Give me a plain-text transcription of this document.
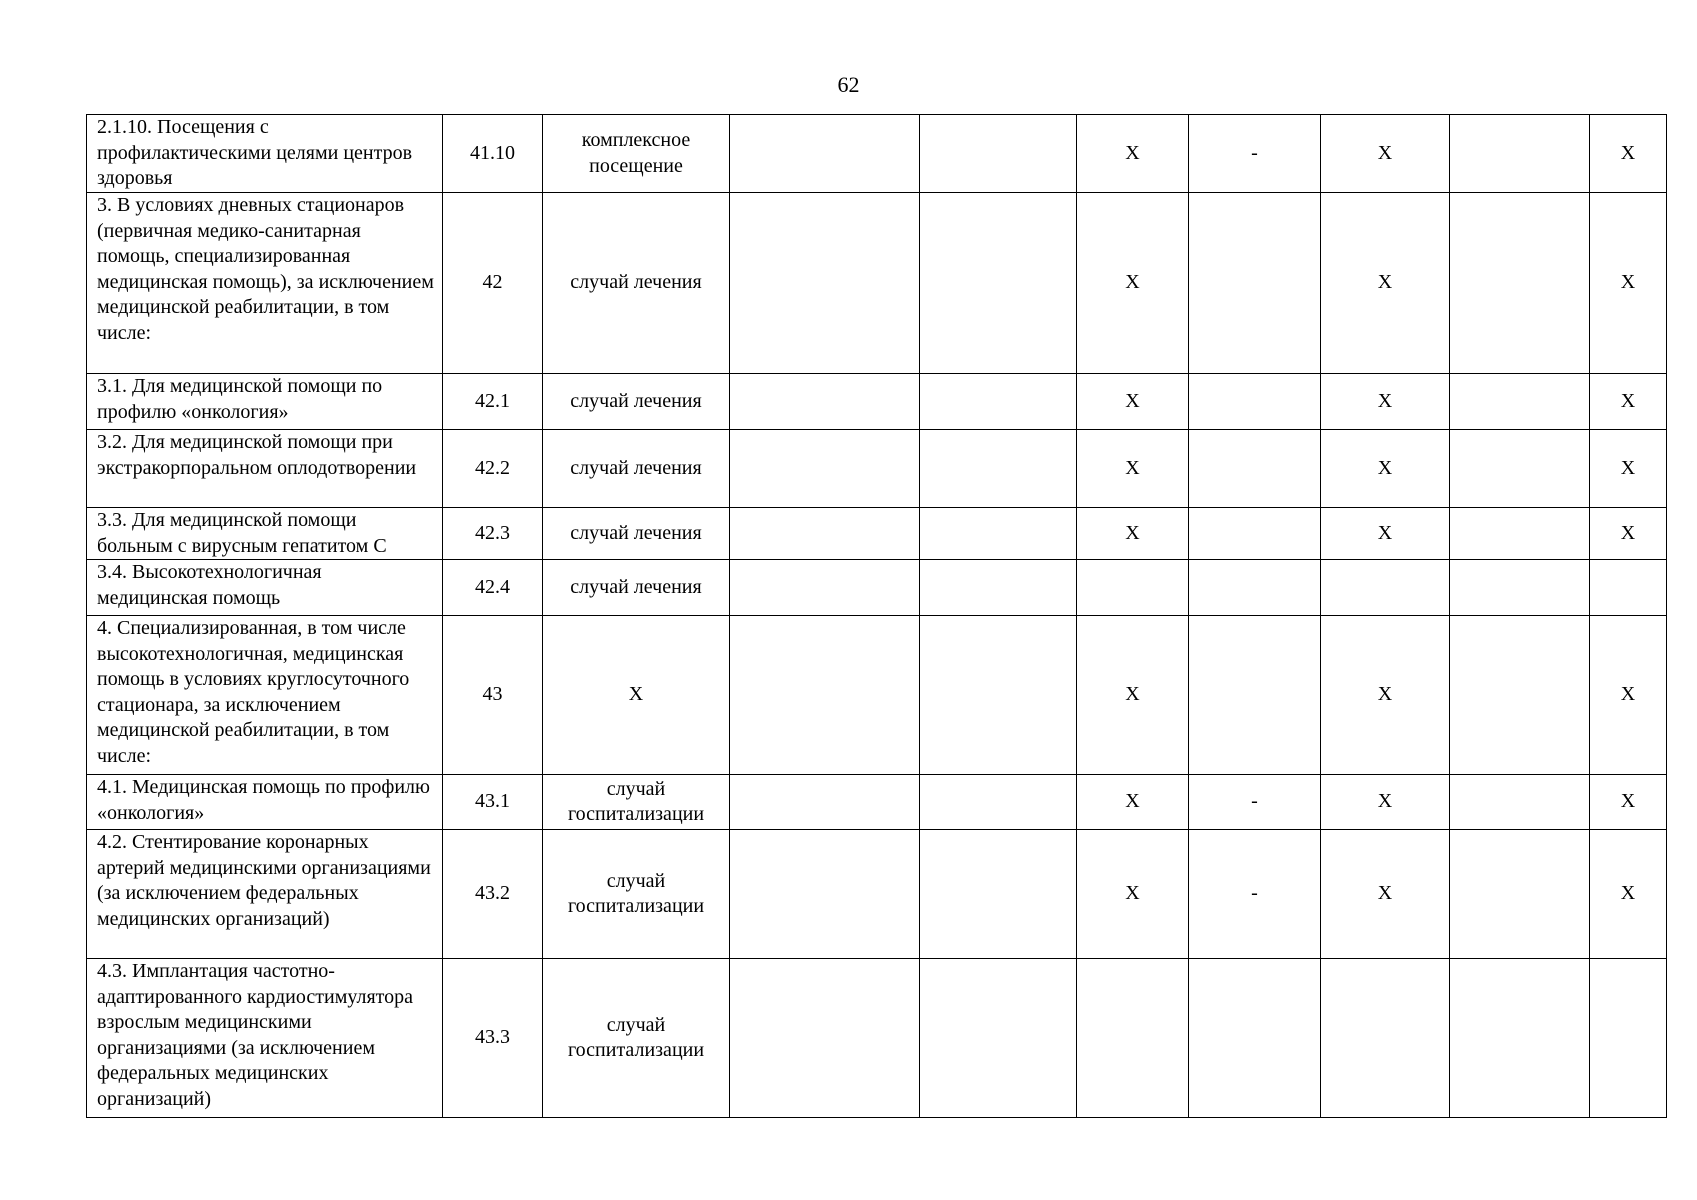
62
2.1.10. Посещения с профилактическими целями центров здоровья	41.10	комплексное посещение			X	-	X		X
3. В условиях дневных стационаров (первичная медико-санитарная помощь, специализированная медицинская помощь), за исключением медицинской реабилитации, в том числе:	42	случай лечения			X		X		X
3.1. Для медицинской помощи по профилю «онкология»	42.1	случай лечения			X		X		X
3.2. Для медицинской помощи при экстракорпоральном оплодотворении	42.2	случай лечения			X		X		X
3.3. Для медицинской помощи больным с вирусным гепатитом С	42.3	случай лечения			X		X		X
3.4. Высокотехнологичная медицинская помощь	42.4	случай лечения							
4. Специализированная, в том числе высокотехнологичная, медицинская помощь в условиях круглосуточного стационара, за исключением медицинской реабилитации, в том числе:	43	X			X		X		X
4.1. Медицинская помощь по профилю «онкология»	43.1	случай госпитализации			X	-	X		X
4.2. Стентирование коронарных артерий медицинскими организациями (за исключением федеральных медицинских организаций)	43.2	случай госпитализации			X	-	X		X
4.3. Имплантация частотно-адаптированного кардиостимулятора взрослым медицинскими организациями (за исключением федеральных медицинских организаций)	43.3	случай госпитализации							
